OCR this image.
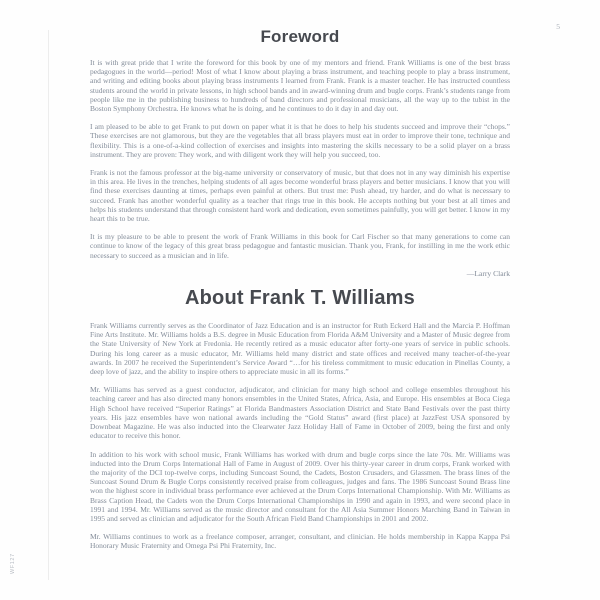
5
Foreword

It is with great pride that I write the foreword for this book by one of my mentors and friend. Frank Williams is one of the best brass pedagogues in the world—period! Most of what I know about playing a brass instrument, and teaching people to play a brass instrument, and writing and editing books about playing brass instruments I learned from Frank. Frank is a master teacher. He has instructed countless students around the world in private lessons, in high school bands and in award-winning drum and bugle corps. Frank’s students range from people like me in the publishing business to hundreds of band directors and professional musicians, all the way up to the tubist in the Boston Symphony Orchestra. He knows what he is doing, and he continues to do it day in and day out.

I am pleased to be able to get Frank to put down on paper what it is that he does to help his students succeed and improve their “chops.” These exercises are not glamorous, but they are the vegetables that all brass players must eat in order to improve their tone, technique and flexibility. This is a one-of-a-kind collection of exercises and insights into mastering the skills necessary to be a solid player on a brass instrument. They are proven: They work, and with diligent work they will help you succeed, too.

Frank is not the famous professor at the big-name university or conservatory of music, but that does not in any way diminish his expertise in this area. He lives in the trenches, helping students of all ages become wonderful brass players and better musicians. I know that you will find these exercises daunting at times, perhaps even painful at others. But trust me: Push ahead, try harder, and do what is necessary to succeed. Frank has another wonderful quality as a teacher that rings true in this book. He accepts nothing but your best at all times and helps his students understand that through consistent hard work and dedication, even sometimes painfully, you will get better. I know in my heart this to be true.

It is my pleasure to be able to present the work of Frank Williams in this book for Carl Fischer so that many generations to come can continue to know of the legacy of this great brass pedagogue and fantastic musician. Thank you, Frank, for instilling in me the work ethic necessary to succeed as a musician and in life.

—Larry Clark
About Frank T. Williams

Frank Williams currently serves as the Coordinator of Jazz Education and is an instructor for Ruth Eckerd Hall and the Marcia P. Hoffman Fine Arts Institute. Mr. Williams holds a B.S. degree in Music Education from Florida A&M University and a Master of Music degree from the State University of New York at Fredonia. He recently retired as a music educator after forty-one years of service in public schools. During his long career as a music educator, Mr. Williams held many district and state offices and received many teacher-of-the-year awards. In 2007 he received the Superintendent’s Service Award “…for his tireless commitment to music education in Pinellas County, a deep love of jazz, and the ability to inspire others to appreciate music in all its forms.”

Mr. Williams has served as a guest conductor, adjudicator, and clinician for many high school and college ensembles throughout his teaching career and has also directed many honors ensembles in the United States, Africa, Asia, and Europe. His ensembles at Boca Ciega High School have received “Superior Ratings” at Florida Bandmasters Association District and State Band Festivals over the past thirty years. His jazz ensembles have won national awards including the “Gold Status” award (first place) at JazzFest USA sponsored by Downbeat Magazine. He was also inducted into the Clearwater Jazz Holiday Hall of Fame in October of 2009, being the first and only educator to receive this honor.

In addition to his work with school music, Frank Williams has worked with drum and bugle corps since the late 70s. Mr. Williams was inducted into the Drum Corps International Hall of Fame in August of 2009. Over his thirty-year career in drum corps, Frank worked with the majority of the DCI top-twelve corps, including Suncoast Sound, the Cadets, Boston Crusaders, and Glassmen. The brass lines of the Suncoast Sound Drum & Bugle Corps consistently received praise from colleagues, judges and fans. The 1986 Suncoast Sound Brass line won the highest score in individual brass performance ever achieved at the Drum Corps International Championship. With Mr. Williams as Brass Caption Head, the Cadets won the Drum Corps International Championships in 1990 and again in 1993, and were second place in 1991 and 1994. Mr. Williams served as the music director and consultant for the All Asia Summer Honors Marching Band in Taiwan in 1995 and served as clinician and adjudicator for the South African Field Band Championships in 2001 and 2002.

Mr. Williams continues to work as a freelance composer, arranger, consultant, and clinician. He holds membership in Kappa Kappa Psi Honorary Music Fraternity and Omega Psi Phi Fraternity, Inc.

WF127
